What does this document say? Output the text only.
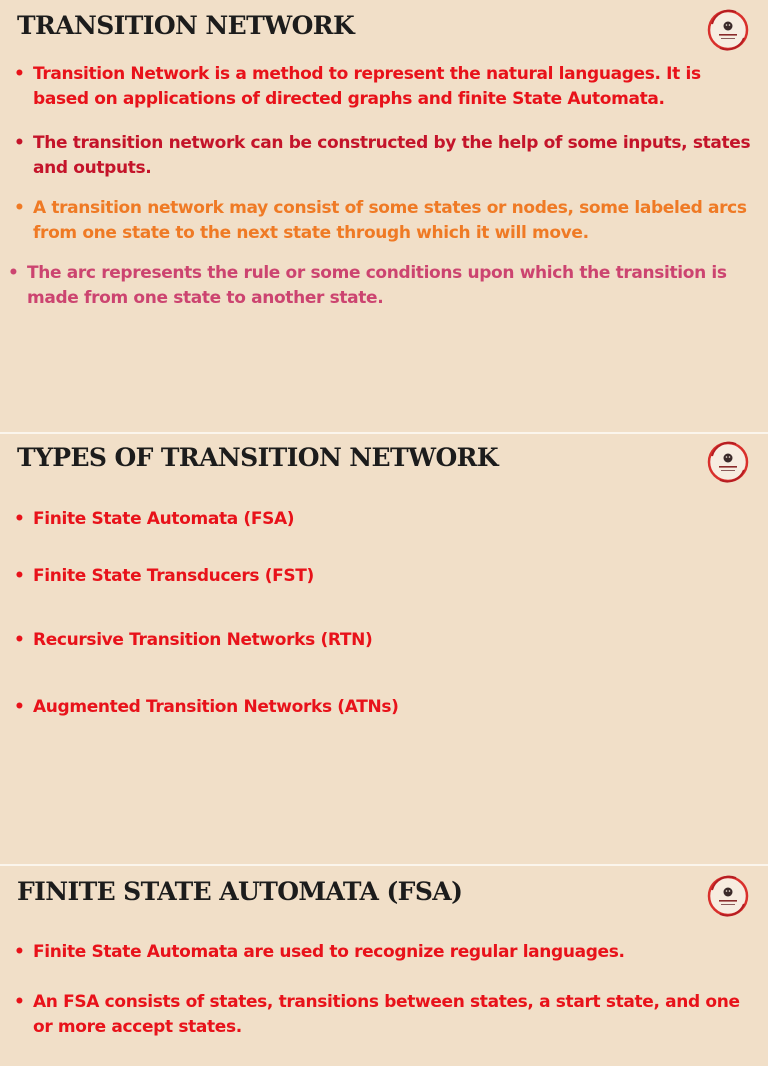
TRANSITION NETWORK
• Transition Network is a method to represent the natural languages. It is based on applications of directed graphs and finite State Automata.
• The transition network can be constructed by the help of some inputs, states and outputs.
• A transition network may consist of some states or nodes, some labeled arcs from one state to the next state through which it will move.
• The arc represents the rule or some conditions upon which the transition is made from one state to another state.
TYPES OF TRANSITION NETWORK
• Finite State Automata (FSA)
• Finite State Transducers (FST)
• Recursive Transition Networks (RTN)
• Augmented Transition Networks (ATNs)
FINITE STATE AUTOMATA (FSA)
• Finite State Automata are used to recognize regular languages.
• An FSA consists of states, transitions between states, a start state, and one or more accept states.
